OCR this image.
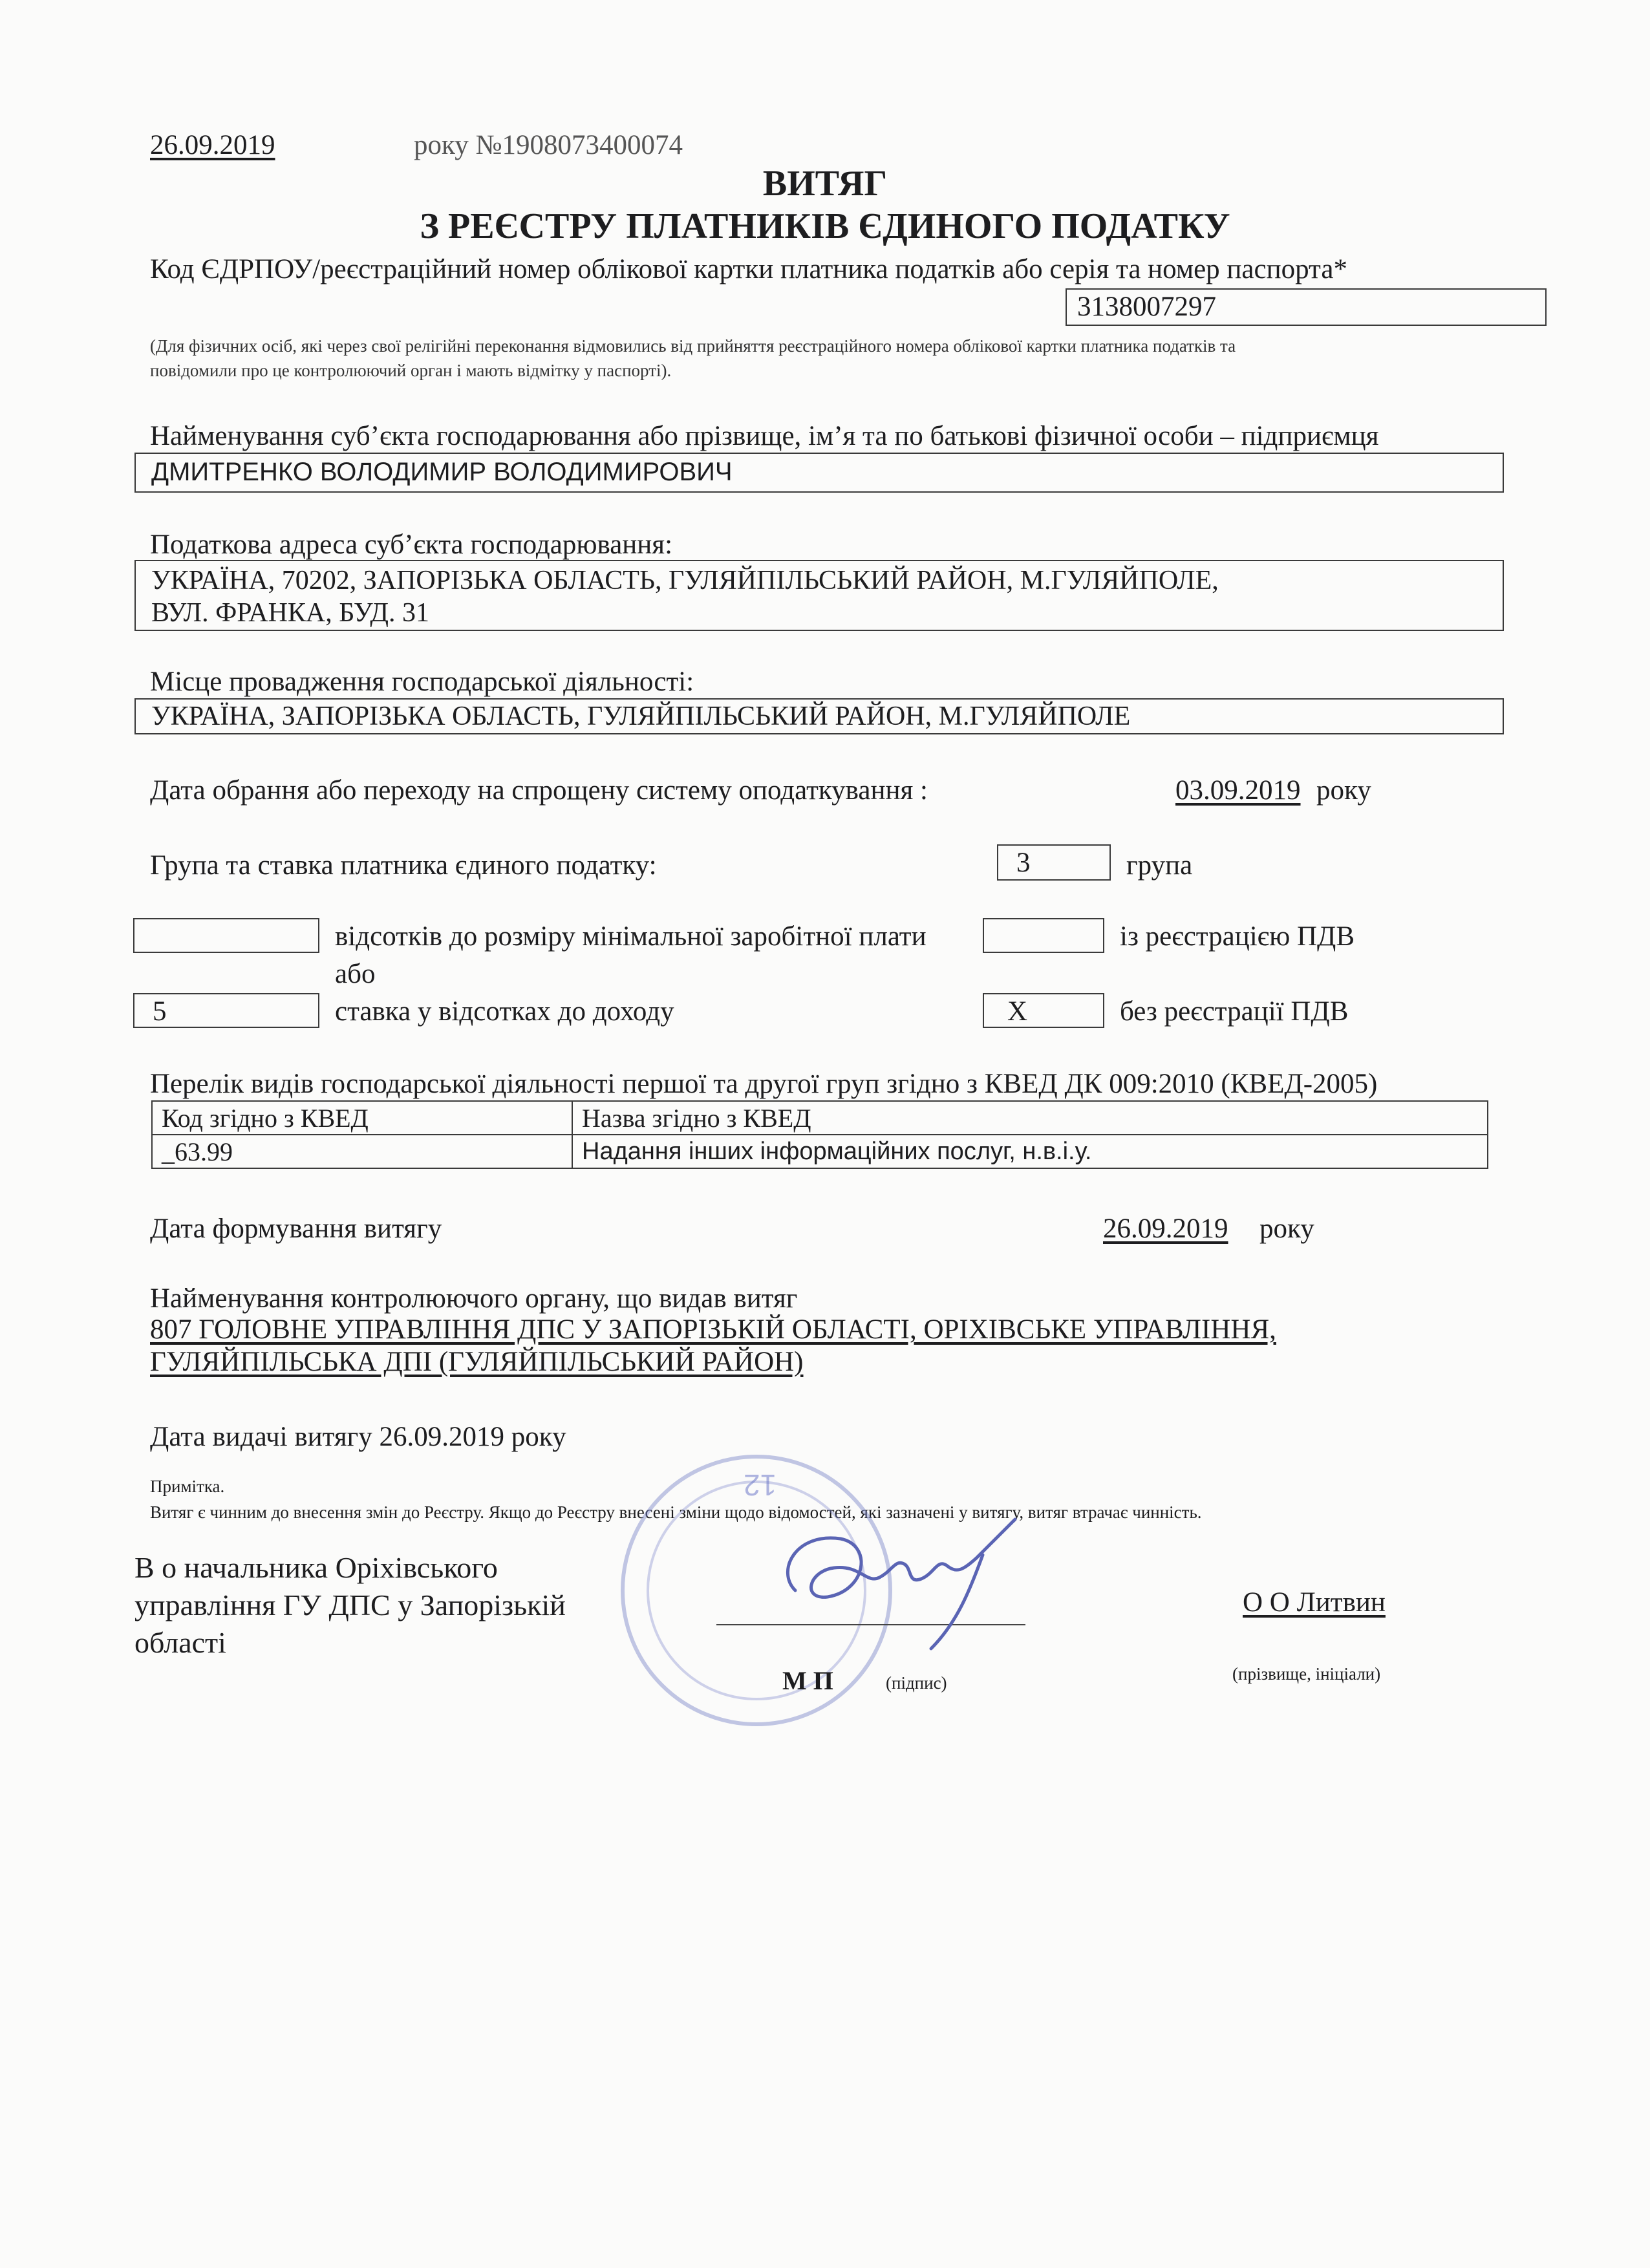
26.09.2019	року №1908073400074
ВИТЯГ
З РЕЄСТРУ ПЛАТНИКІВ ЄДИНОГО ПОДАТКУ
Код ЄДРПОУ/реєстраційний номер облікової картки платника податків або серія та номер паспорта*
3138007297
(Для фізичних осіб, які через свої релігійні переконання відмовились від прийняття реєстраційного номера облікової картки платника податків та
повідомили про це контролюючий орган і мають відмітку у паспорті).
Найменування суб’єкта господарювання або прізвище, ім’я та по батькові фізичної особи – підприємця
ДМИТРЕНКО ВОЛОДИМИР ВОЛОДИМИРОВИЧ
Податкова адреса суб’єкта господарювання:
УКРАЇНА, 70202, ЗАПОРІЗЬКА ОБЛАСТЬ, ГУЛЯЙПІЛЬСЬКИЙ РАЙОН, М.ГУЛЯЙПОЛЕ,
ВУЛ. ФРАНКА, БУД. 31
Місце провадження господарської діяльності:
УКРАЇНА, ЗАПОРІЗЬКА ОБЛАСТЬ, ГУЛЯЙПІЛЬСЬКИЙ РАЙОН, М.ГУЛЯЙПОЛЕ
Дата обрання або переходу на спрощену систему оподаткування :	03.09.2019 року
Група та ставка платника єдиного податку:	3	група
відсотків до розміру мінімальної заробітної плати
або
5	ставка у відсотках до доходу
із реєстрацією ПДВ
Х	без реєстрації ПДВ
Перелік видів господарської діяльності першої та другої груп згідно з КВЕД ДК 009:2010 (КВЕД-2005)
Код згідно з КВЕД	Назва згідно з КВЕД
_63.99	Надання інших інформаційних послуг, н.в.і.у.
Дата формування витягу	26.09.2019 року
Найменування контролюючого органу, що видав витяг
807 ГОЛОВНЕ УПРАВЛІННЯ ДПС У ЗАПОРІЗЬКІЙ ОБЛАСТІ, ОРІХІВСЬКЕ УПРАВЛІННЯ,
ГУЛЯЙПІЛЬСЬКА ДПІ (ГУЛЯЙПІЛЬСЬКИЙ РАЙОН)
Дата видачі витягу 26.09.2019 року
Примітка.
Витяг є чинним до внесення змін до Реєстру. Якщо до Реєстру внесені зміни щодо відомостей, які зазначені у витягу, витяг втрачає чинність.
12
В о начальника Оріхівського
управління ГУ ДПС у Запорізькій
області
М П	(підпис)
О О Литвин
(прізвище, ініціали)
